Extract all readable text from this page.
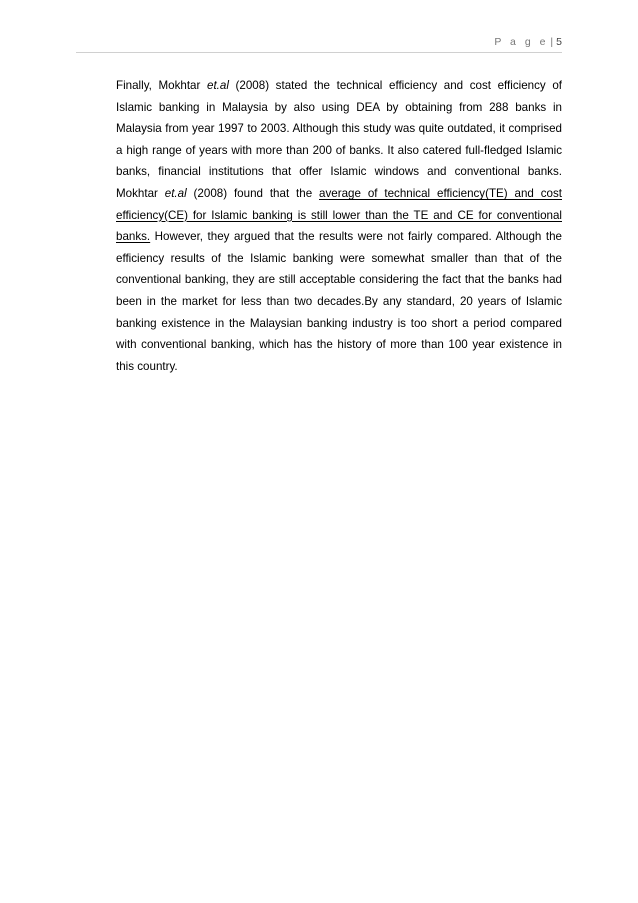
P a g e | 5

Finally, Mokhtar et.al (2008) stated the technical efficiency and cost efficiency of Islamic banking in Malaysia by also using DEA by obtaining from 288 banks in Malaysia from year 1997 to 2003. Although this study was quite outdated, it comprised a high range of years with more than 200 of banks. It also catered full-fledged Islamic banks, financial institutions that offer Islamic windows and conventional banks. Mokhtar et.al (2008) found that the average of technical efficiency(TE) and cost efficiency(CE) for Islamic banking is still lower than the TE and CE for conventional banks. However, they argued that the results were not fairly compared. Although the efficiency results of the Islamic banking were somewhat smaller than that of the conventional banking, they are still acceptable considering the fact that the banks had been in the market for less than two decades.By any standard, 20 years of Islamic banking existence in the Malaysian banking industry is too short a period compared with conventional banking, which has the history of more than 100 year existence in this country.
